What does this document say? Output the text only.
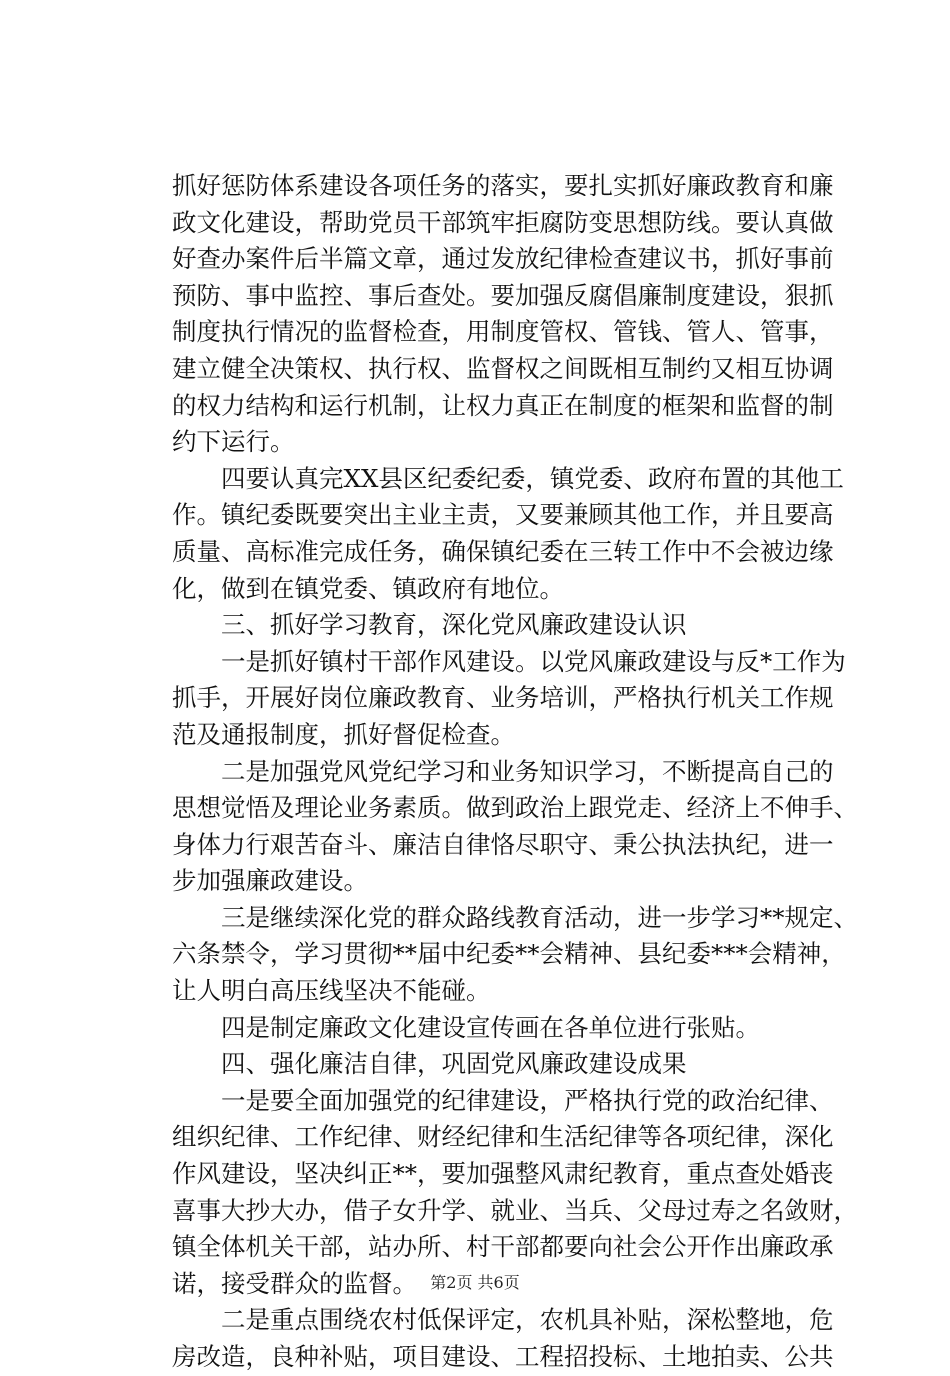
抓好惩防体系建设各项任务的落实，要扎实抓好廉政教育和廉
政文化建设，帮助党员干部筑牢拒腐防变思想防线。要认真做
好查办案件后半篇文章，通过发放纪律检查建议书，抓好事前
预防、事中监控、事后查处。要加强反腐倡廉制度建设，狠抓
制度执行情况的监督检查，用制度管权、管钱、管人、管事，
建立健全决策权、执行权、监督权之间既相互制约又相互协调
的权力结构和运行机制，让权力真正在制度的框架和监督的制
约下运行。
　　四要认真完XX县区纪委纪委，镇党委、政府布置的其他工
作。镇纪委既要突出主业主责，又要兼顾其他工作，并且要高
质量、高标准完成任务，确保镇纪委在三转工作中不会被边缘
化，做到在镇党委、镇政府有地位。
　　三、抓好学习教育，深化党风廉政建设认识
　　一是抓好镇村干部作风建设。以党风廉政建设与反*工作为
抓手，开展好岗位廉政教育、业务培训，严格执行机关工作规
范及通报制度，抓好督促检查。
　　二是加强党风党纪学习和业务知识学习，不断提高自己的
思想觉悟及理论业务素质。做到政治上跟党走、经济上不伸手、
身体力行艰苦奋斗、廉洁自律恪尽职守、秉公执法执纪，进一
步加强廉政建设。
　　三是继续深化党的群众路线教育活动，进一步学习**规定、
六条禁令，学习贯彻**届中纪委**会精神、县纪委***会精神，
让人明白高压线坚决不能碰。
　　四是制定廉政文化建设宣传画在各单位进行张贴。
　　四、强化廉洁自律，巩固党风廉政建设成果
　　一是要全面加强党的纪律建设，严格执行党的政治纪律、
组织纪律、工作纪律、财经纪律和生活纪律等各项纪律，深化
作风建设，坚决纠正**，要加强整风肃纪教育，重点查处婚丧
喜事大抄大办，借子女升学、就业、当兵、父母过寿之名敛财，
镇全体机关干部，站办所、村干部都要向社会公开作出廉政承
诺，接受群众的监督。
　　二是重点围绕农村低保评定，农机具补贴，深松整地，危
房改造，良种补贴，项目建设、工程招投标、土地拍卖、公共
第2页 共6页
